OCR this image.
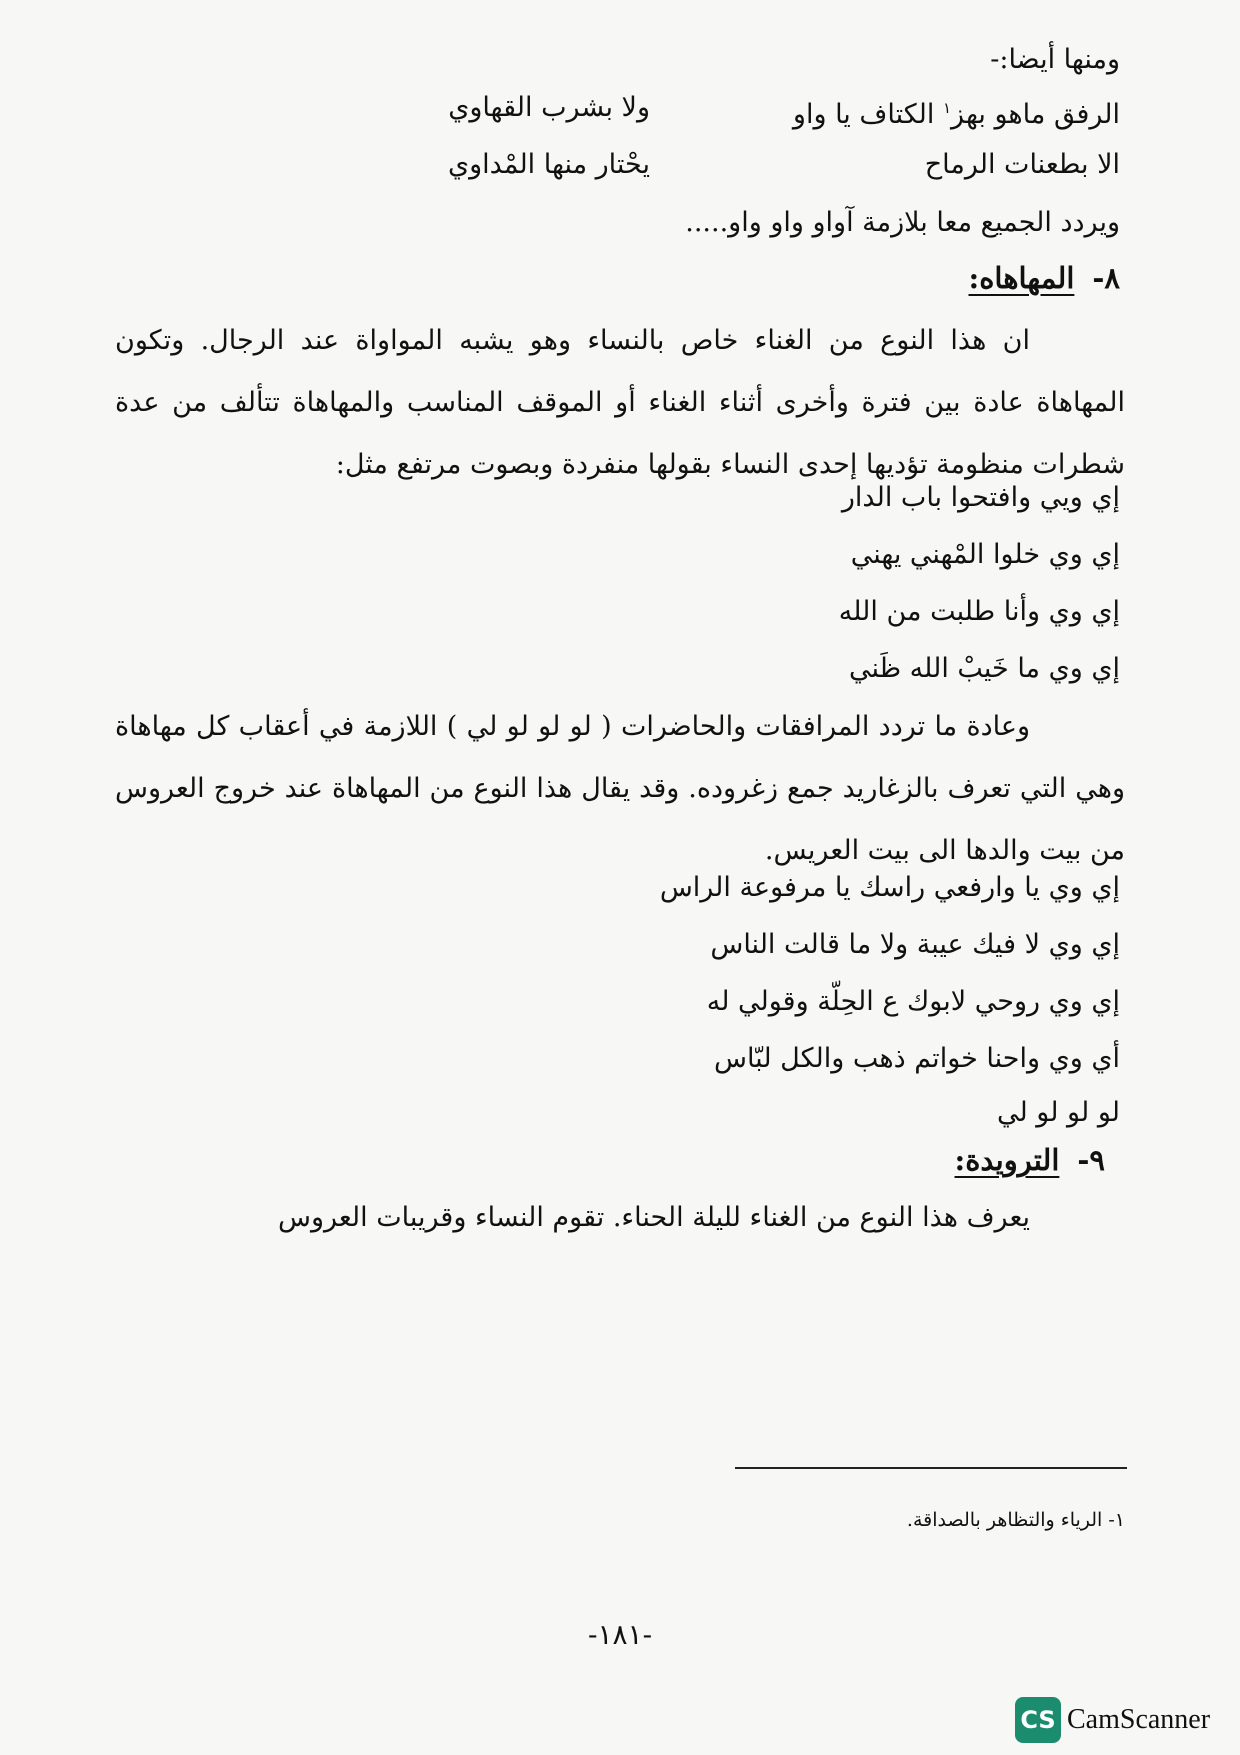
ومنها أيضا:-
الرفق ماهو بهز$^١$ الكتاف يا واو
ولا بشرب القهاوي
الا بطعنات الرماح
يحْتار منها المْداوي
ويردد الجميع معا بلازمة آواو واو واو.....
٨-المهاهاه:
ان هذا النوع من الغناء خاص بالنساء وهو يشبه المواواة عند الرجال. وتكون المهاهاة عادة بين فترة وأخرى أثناء الغناء أو الموقف المناسب والمهاهاة تتألف من عدة شطرات منظومة تؤديها إحدى النساء بقولها منفردة وبصوت مرتفع مثل:
إي ويي وافتحوا باب الدار
إي وي خلوا المْهني يهني
إي وي وأنا طلبت من الله
إي وي ما خَيبْ الله ظَني
وعادة ما تردد المرافقات والحاضرات ( لو لو لو لي ) اللازمة في أعقاب كل مهاهاة وهي التي تعرف بالزغاريد جمع زغروده. وقد يقال هذا النوع من المهاهاة عند خروج العروس من بيت والدها الى بيت العريس.
إي وي يا وارفعي راسك يا مرفوعة الراس
إي وي لا فيك عيبة ولا ما قالت الناس
إي وي روحي لابوك ع الحِلّة وقولي له
أي وي واحنا خواتم ذهب والكل لبّاس
لو لو لو لي
٩-الترويدة:
يعرف هذا النوع من الغناء لليلة الحناء. تقوم النساء وقريبات العروس
١- الرياء والتظاهر بالصداقة.
-١٨١-
CS CamScanner
